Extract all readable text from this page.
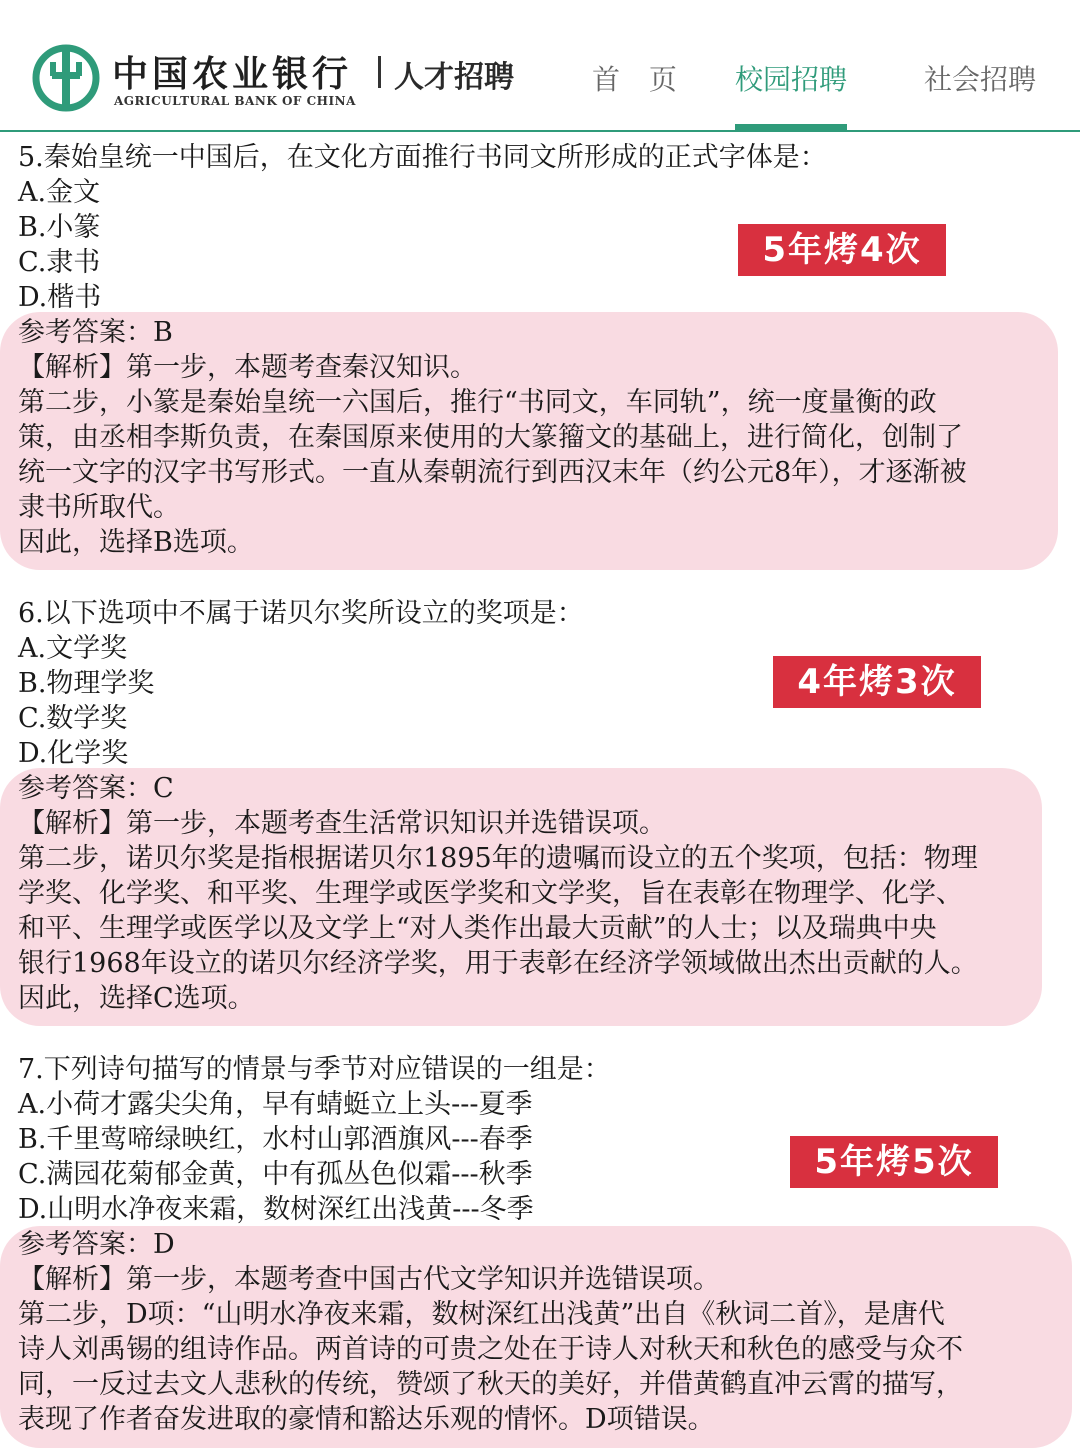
中国农业银行 人才招聘
AGRICULTURAL BANK OF CHINA
首 页 校园招聘	社会招聘
5.秦始皇统一中国后，在文化方面推行书同文所形成的正式字体是：
A.金文
B.小篆
C.隶书
D.楷书
5年烤4次
参考答案：B
【解析】第一步，本题考查秦汉知识。
第二步，小篆是秦始皇统一六国后，推行“书同文，车同轨”，统一度量衡的政
策，由丞相李斯负责，在秦国原来使用的大篆籀文的基础上，进行简化，创制了
统一文字的汉字书写形式。一直从秦朝流行到西汉末年（约公元8年），才逐渐被
隶书所取代。
因此，选择B选项。
6.以下选项中不属于诺贝尔奖所设立的奖项是：
A.文学奖
B.物理学奖
C.数学奖
D.化学奖
4年烤3次
参考答案：C
【解析】第一步，本题考查生活常识知识并选错误项。
第二步，诺贝尔奖是指根据诺贝尔1895年的遗嘱而设立的五个奖项，包括：物理
学奖、化学奖、和平奖、生理学或医学奖和文学奖，旨在表彰在物理学、化学、
和平、生理学或医学以及文学上“对人类作出最大贡献”的人士；以及瑞典中央
银行1968年设立的诺贝尔经济学奖，用于表彰在经济学领域做出杰出贡献的人。
因此，选择C选项。
7.下列诗句描写的情景与季节对应错误的一组是：
A.小荷才露尖尖角，早有蜻蜓立上头---夏季
B.千里莺啼绿映红，水村山郭酒旗风---春季
C.满园花菊郁金黄，中有孤丛色似霜---秋季
D.山明水净夜来霜，数树深红出浅黄---冬季
5年烤5次
参考答案：D
【解析】第一步，本题考查中国古代文学知识并选错误项。
第二步，D项：“山明水净夜来霜，数树深红出浅黄”出自《秋词二首》，是唐代
诗人刘禹锡的组诗作品。两首诗的可贵之处在于诗人对秋天和秋色的感受与众不
同，一反过去文人悲秋的传统，赞颂了秋天的美好，并借黄鹤直冲云霄的描写，
表现了作者奋发进取的豪情和豁达乐观的情怀。D项错误。
